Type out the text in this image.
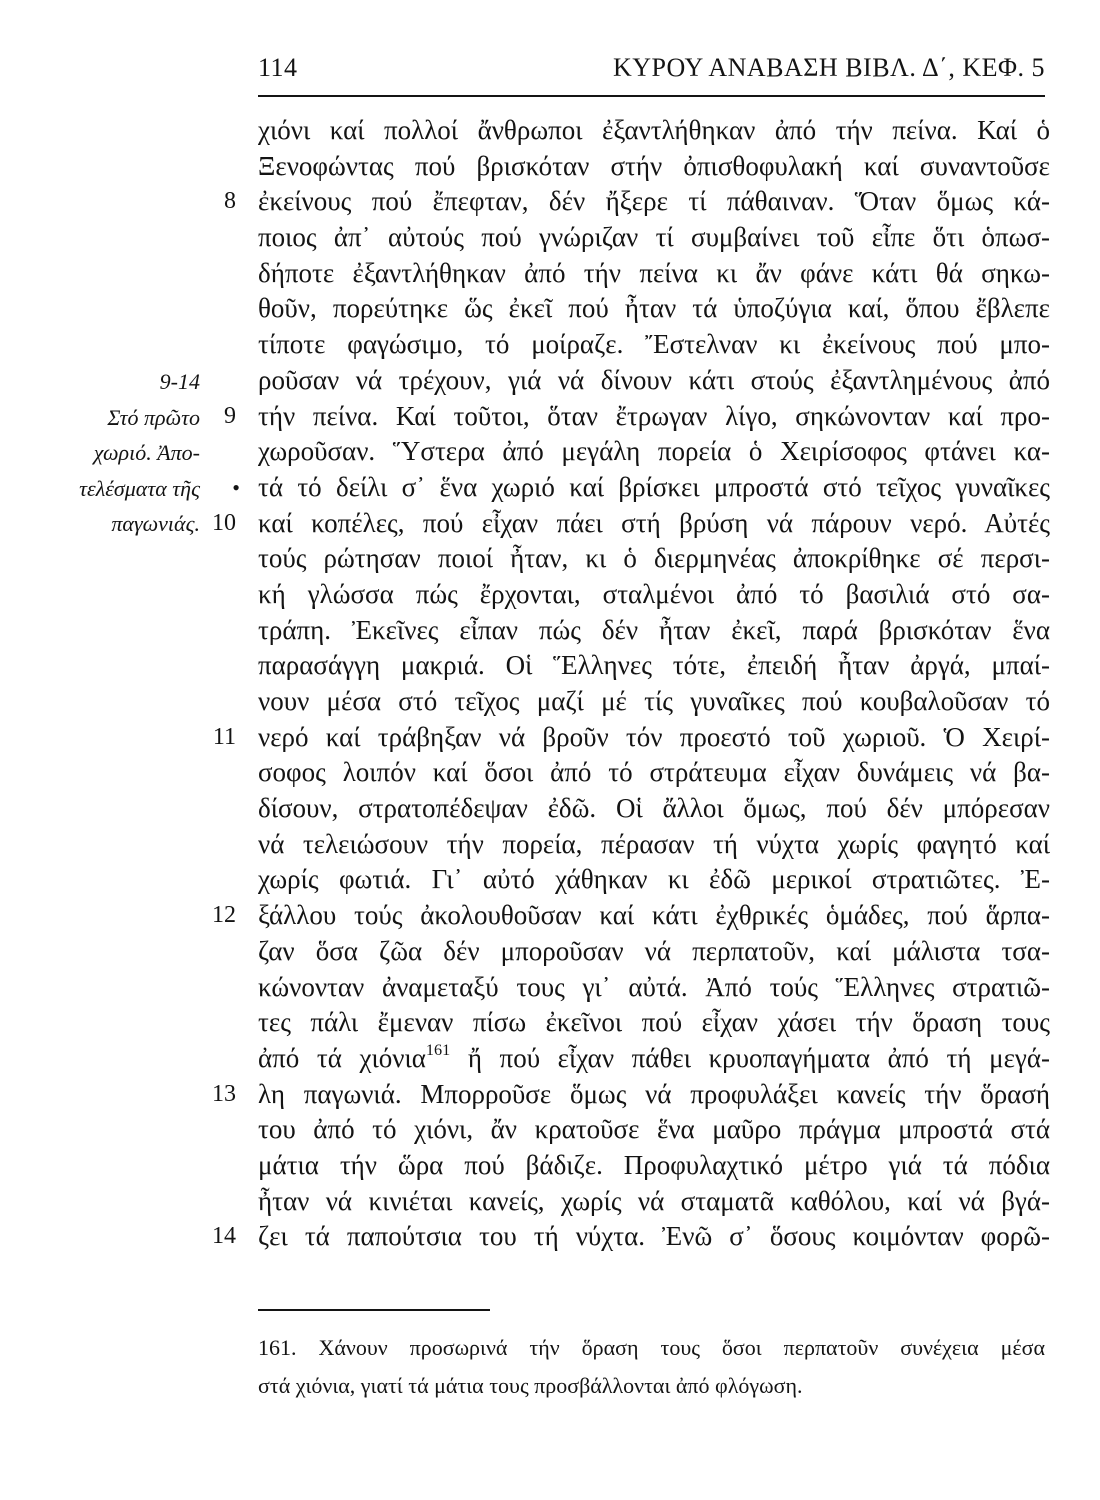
114	ΚΥΡΟΥ ΑΝΑΒΑΣΗ ΒΙΒΛ. Δ΄, ΚΕΦ. 5
9-14
Στό πρῶτο
χωριό. Ἀπο-
τελέσματα τῆς
παγωνιάς.
χιόνι καί πολλοί ἄνθρωποι ἐξαντλήθηκαν ἀπό τήν πείνα. Καί ὁ
Ξενοφώντας πού βρισκόταν στήν ὀπισθοφυλακή καί συναντοῦσε
8 ἐκείνους πού ἔπεφταν, δέν ἤξερε τί πάθαιναν. Ὅταν ὅμως κά-
ποιος ἀπ᾿ αὐτούς πού γνώριζαν τί συμβαίνει τοῦ εἶπε ὅτι ὁπωσ-
δήποτε ἐξαντλήθηκαν ἀπό τήν πείνα κι ἄν φάνε κάτι θά σηκω-
θοῦν, πορεύτηκε ὥς ἐκεῖ πού ἦταν τά ὑποζύγια καί, ὅπου ἔβλεπε
τίποτε φαγώσιμο, τό μοίραζε. Ἔστελναν κι ἐκείνους πού μπο-
ροῦσαν νά τρέχουν, γιά νά δίνουν κάτι στούς ἐξαντλημένους ἀπό
9 τήν πείνα. Καί τοῦτοι, ὅταν ἔτρωγαν λίγο, σηκώνονταν καί προ-
χωροῦσαν. Ὕστερα ἀπό μεγάλη πορεία ὁ Χειρίσοφος φτάνει κα-
• τά τό δείλι σ᾿ ἕνα χωριό καί βρίσκει μπροστά στό τεῖχος γυναῖκες
10 καί κοπέλες, πού εἶχαν πάει στή βρύση νά πάρουν νερό. Αὐτές
τούς ρώτησαν ποιοί ἦταν, κι ὁ διερμηνέας ἀποκρίθηκε σέ περσι-
κή γλώσσα πώς ἔρχονται, σταλμένοι ἀπό τό βασιλιά στό σα-
τράπη. Ἐκεῖνες εἶπαν πώς δέν ἦταν ἐκεῖ, παρά βρισκόταν ἕνα
παρασάγγη μακριά. Οἱ Ἕλληνες τότε, ἐπειδή ἦταν ἀργά, μπαί-
νουν μέσα στό τεῖχος μαζί μέ τίς γυναῖκες πού κουβαλοῦσαν τό
11 νερό καί τράβηξαν νά βροῦν τόν προεστό τοῦ χωριοῦ. Ὁ Χειρί-
σοφος λοιπόν καί ὅσοι ἀπό τό στράτευμα εἶχαν δυνάμεις νά βα-
δίσουν, στρατοπέδεψαν ἐδῶ. Οἱ ἄλλοι ὅμως, πού δέν μπόρεσαν
νά τελειώσουν τήν πορεία, πέρασαν τή νύχτα χωρίς φαγητό καί
χωρίς φωτιά. Γι᾿ αὐτό χάθηκαν κι ἐδῶ μερικοί στρατιῶτες. Ἐ-
12 ξάλλου τούς ἀκολουθοῦσαν καί κάτι ἐχθρικές ὁμάδες, πού ἅρπα-
ζαν ὅσα ζῶα δέν μποροῦσαν νά περπατοῦν, καί μάλιστα τσα-
κώνονταν ἀναμεταξύ τους γι᾿ αὐτά. Ἀπό τούς Ἕλληνες στρατιῶ-
τες πάλι ἔμεναν πίσω ἐκεῖνοι πού εἶχαν χάσει τήν ὅραση τους
ἀπό τά χιόνια$^{161}$ ἤ πού εἶχαν πάθει κρυοπαγήματα ἀπό τή μεγά-
13 λη παγωνιά. Μπορροῦσε ὅμως νά προφυλάξει κανείς τήν ὅρασή
του ἀπό τό χιόνι, ἄν κρατοῦσε ἕνα μαῦρο πράγμα μπροστά στά
μάτια τήν ὥρα πού βάδιζε. Προφυλαχτικό μέτρο γιά τά πόδια
ἦταν νά κινιέται κανείς, χωρίς νά σταματᾶ καθόλου, καί νά βγά-
14 ζει τά παπούτσια του τή νύχτα. Ἐνῶ σ᾿ ὅσους κοιμόνταν φορῶ-
161. Χάνουν προσωρινά τήν ὅραση τους ὅσοι περπατοῦν συνέχεια μέσα
στά χιόνια, γιατί τά μάτια τους προσβάλλονται ἀπό φλόγωση.
